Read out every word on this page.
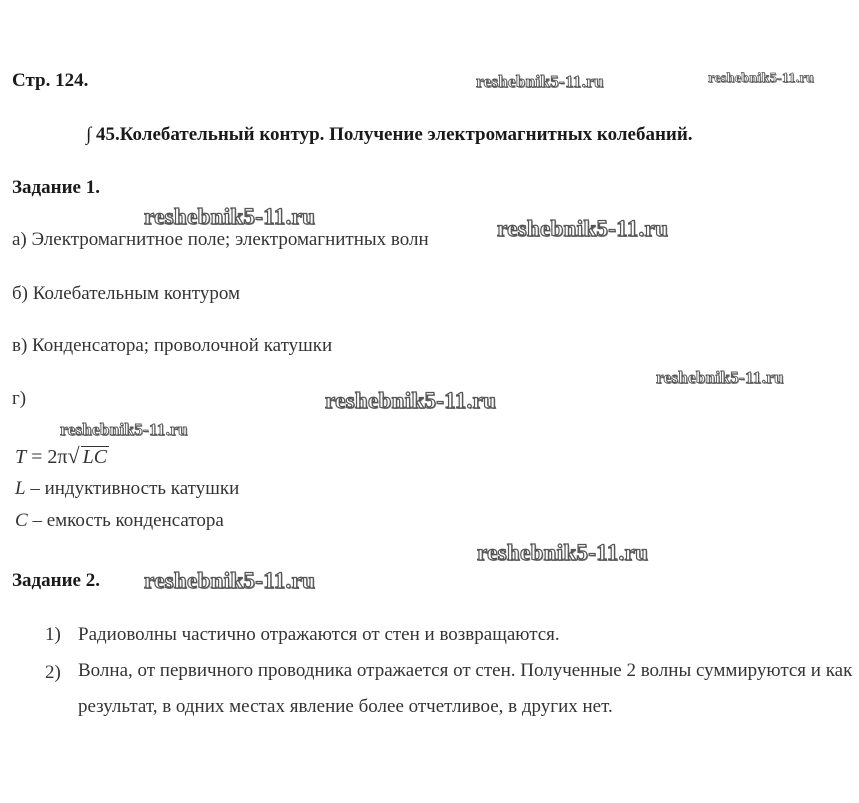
Стр. 124.
∫ 45.Колебательный контур. Получение электромагнитных колебаний.
reshebnik5-11.ru	reshebnik5-11.ru
reshebnik5-11.ru	reshebnik5-11.ru
reshebnik5-11.ru
reshebnik5-11.ru
reshebnik5-11.ru
reshebnik5-11.ru
reshebnik5-11.ru
Задание 1.
а) Электромагнитное поле; электромагнитных волн
б) Колебательным контуром
в) Конденсатора; проволочной катушки
г)
T = 2π√ LC
L – индуктивность катушки
C – емкость конденсатора
Задание 2.
1) Радиоволны частично отражаются от стен и возвращаются.
2) Волна, от первичного проводника отражается от стен. Полученные 2 волны суммируются и как результат, в одних местах явление более отчетливое, в других нет.
